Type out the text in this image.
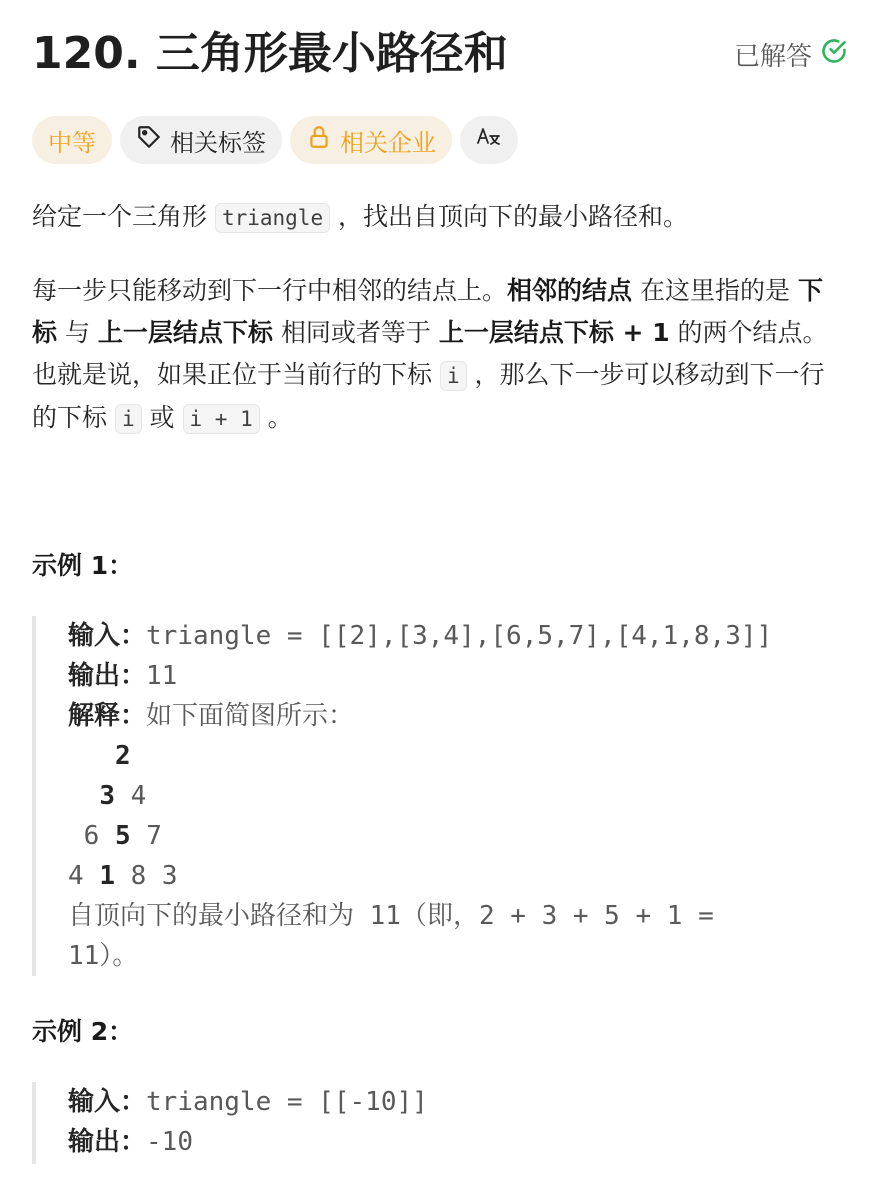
120. 三角形最小路径和	已解答
中等	相关标签	相关企业
给定一个三角形 triangle ，找出自顶向下的最小路径和。
每一步只能移动到下一行中相邻的结点上。相邻的结点 在这里指的是 下标 与 上一层结点下标 相同或者等于 上一层结点下标 + 1 的两个结点。也就是说，如果正位于当前行的下标 i ，那么下一步可以移动到下一行的下标 i 或 i + 1 。
示例 1：
输入：triangle = [[2],[3,4],[6,5,7],[4,1,8,3]]
输出：11
解释：如下面简图所示：
2
3 4
6 5 7
4 1 8 3
自顶向下的最小路径和为 11（即，2 + 3 + 5 + 1 =
11）。
示例 2：
输入：triangle = [[-10]]
输出：-10
